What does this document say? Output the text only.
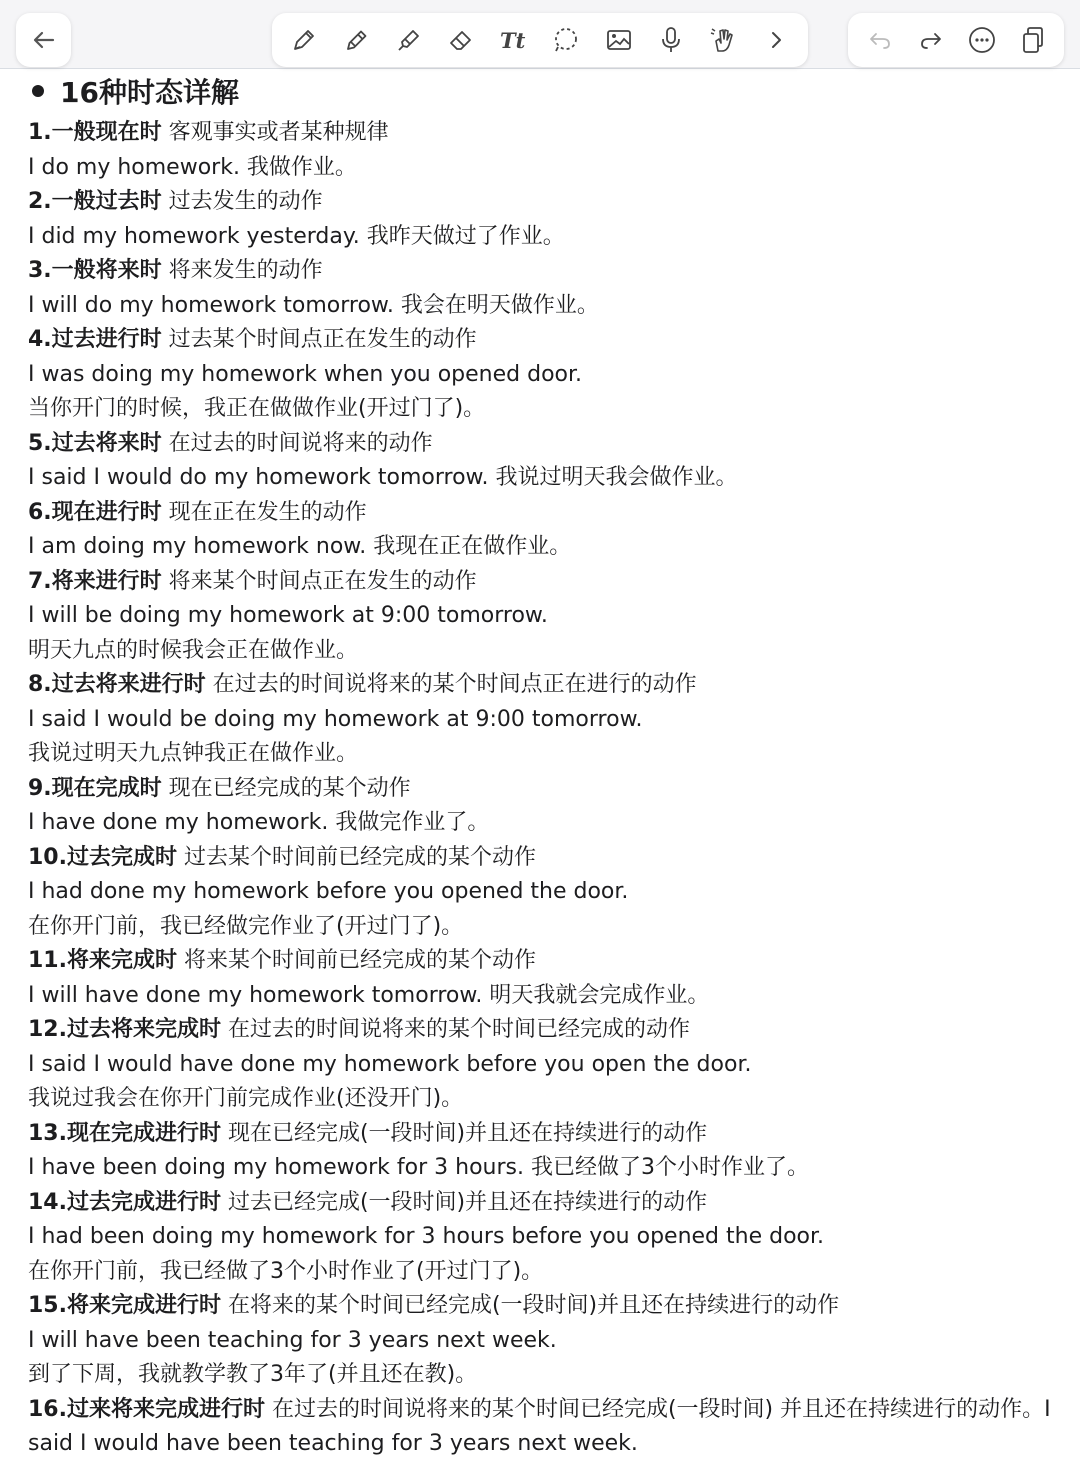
Tt
16种时态详解
1.一般现在时 客观事实或者某种规律
I do my homework. 我做作业。
2.一般过去时 过去发生的动作
I did my homework yesterday. 我昨天做过了作业。
3.一般将来时 将来发生的动作
I will do my homework tomorrow. 我会在明天做作业。
4.过去进行时 过去某个时间点正在发生的动作
I was doing my homework when you opened door.
当你开门的时候，我正在做做作业(开过门了)。
5.过去将来时 在过去的时间说将来的动作
I said I would do my homework tomorrow. 我说过明天我会做作业。
6.现在进行时 现在正在发生的动作
I am doing my homework now. 我现在正在做作业。
7.将来进行时 将来某个时间点正在发生的动作
I will be doing my homework at 9:00 tomorrow.
明天九点的时候我会正在做作业。
8.过去将来进行时 在过去的时间说将来的某个时间点正在进行的动作
I said I would be doing my homework at 9:00 tomorrow.
我说过明天九点钟我正在做作业。
9.现在完成时 现在已经完成的某个动作
I have done my homework. 我做完作业了。
10.过去完成时 过去某个时间前已经完成的某个动作
I had done my homework before you opened the door.
在你开门前，我已经做完作业了(开过门了)。
11.将来完成时 将来某个时间前已经完成的某个动作
I will have done my homework tomorrow. 明天我就会完成作业。
12.过去将来完成时 在过去的时间说将来的某个时间已经完成的动作
I said I would have done my homework before you open the door.
我说过我会在你开门前完成作业(还没开门)。
13.现在完成进行时 现在已经完成(一段时间)并且还在持续进行的动作
I have been doing my homework for 3 hours. 我已经做了3个小时作业了。
14.过去完成进行时 过去已经完成(一段时间)并且还在持续进行的动作
I had been doing my homework for 3 hours before you opened the door.
在你开门前，我已经做了3个小时作业了(开过门了)。
15.将来完成进行时 在将来的某个时间已经完成(一段时间)并且还在持续进行的动作
I will have been teaching for 3 years next week.
到了下周，我就教学教了3年了(并且还在教)。
16.过来将来完成进行时 在过去的时间说将来的某个时间已经完成(一段时间) 并且还在持续进行的动作。I said I would have been teaching for 3 years next week.
